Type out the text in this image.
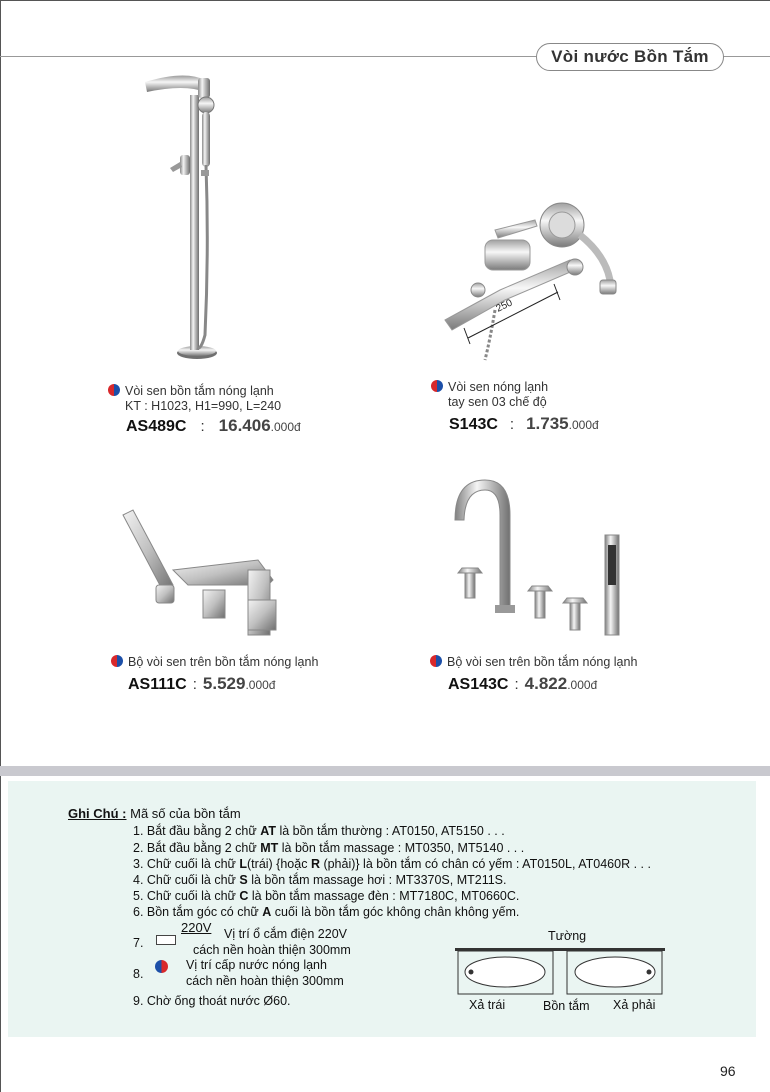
Vòi nước Bồn Tắm
250
Vòi sen bồn tắm nóng lạnh
KT : H1023, H1=990, L=240
AS489C : 16.406.000đ
Vòi sen nóng lạnh
tay sen 03 chế độ
S143C : 1.735.000đ
Bộ vòi sen trên bồn tắm nóng lạnh
AS111C : 5.529.000đ
Bộ vòi sen trên bồn tắm nóng lạnh
AS143C : 4.822.000đ
Ghi Chú : Mã số của bồn tắm
1. Bắt đầu bằng 2 chữ AT là bồn tắm thường : AT0150, AT5150 . . .
2. Bắt đầu bằng 2 chữ MT là bồn tắm massage : MT0350, MT5140 . . .
3. Chữ cuối là chữ L(trái) {hoặc R (phải)} là bồn tắm có chân có yếm : AT0150L, AT0460R . . .
4. Chữ cuối là chữ S là bồn tắm massage hơi : MT3370S, MT211S.
5. Chữ cuối là chữ C là bồn tắm massage đèn : MT7180C, MT0660C.
6. Bồn tắm góc có chữ A cuối là bồn tắm góc không chân không yếm.
7.
220V Vị trí ổ cắm điện 220V
cách nền hoàn thiện 300mm
8.
Vị trí cấp nước nóng lạnh
cách nền hoàn thiện 300mm
9. Chờ ống thoát nước Ø60.
Tường
Xả trái	Bồn tắm Xả phải
96
